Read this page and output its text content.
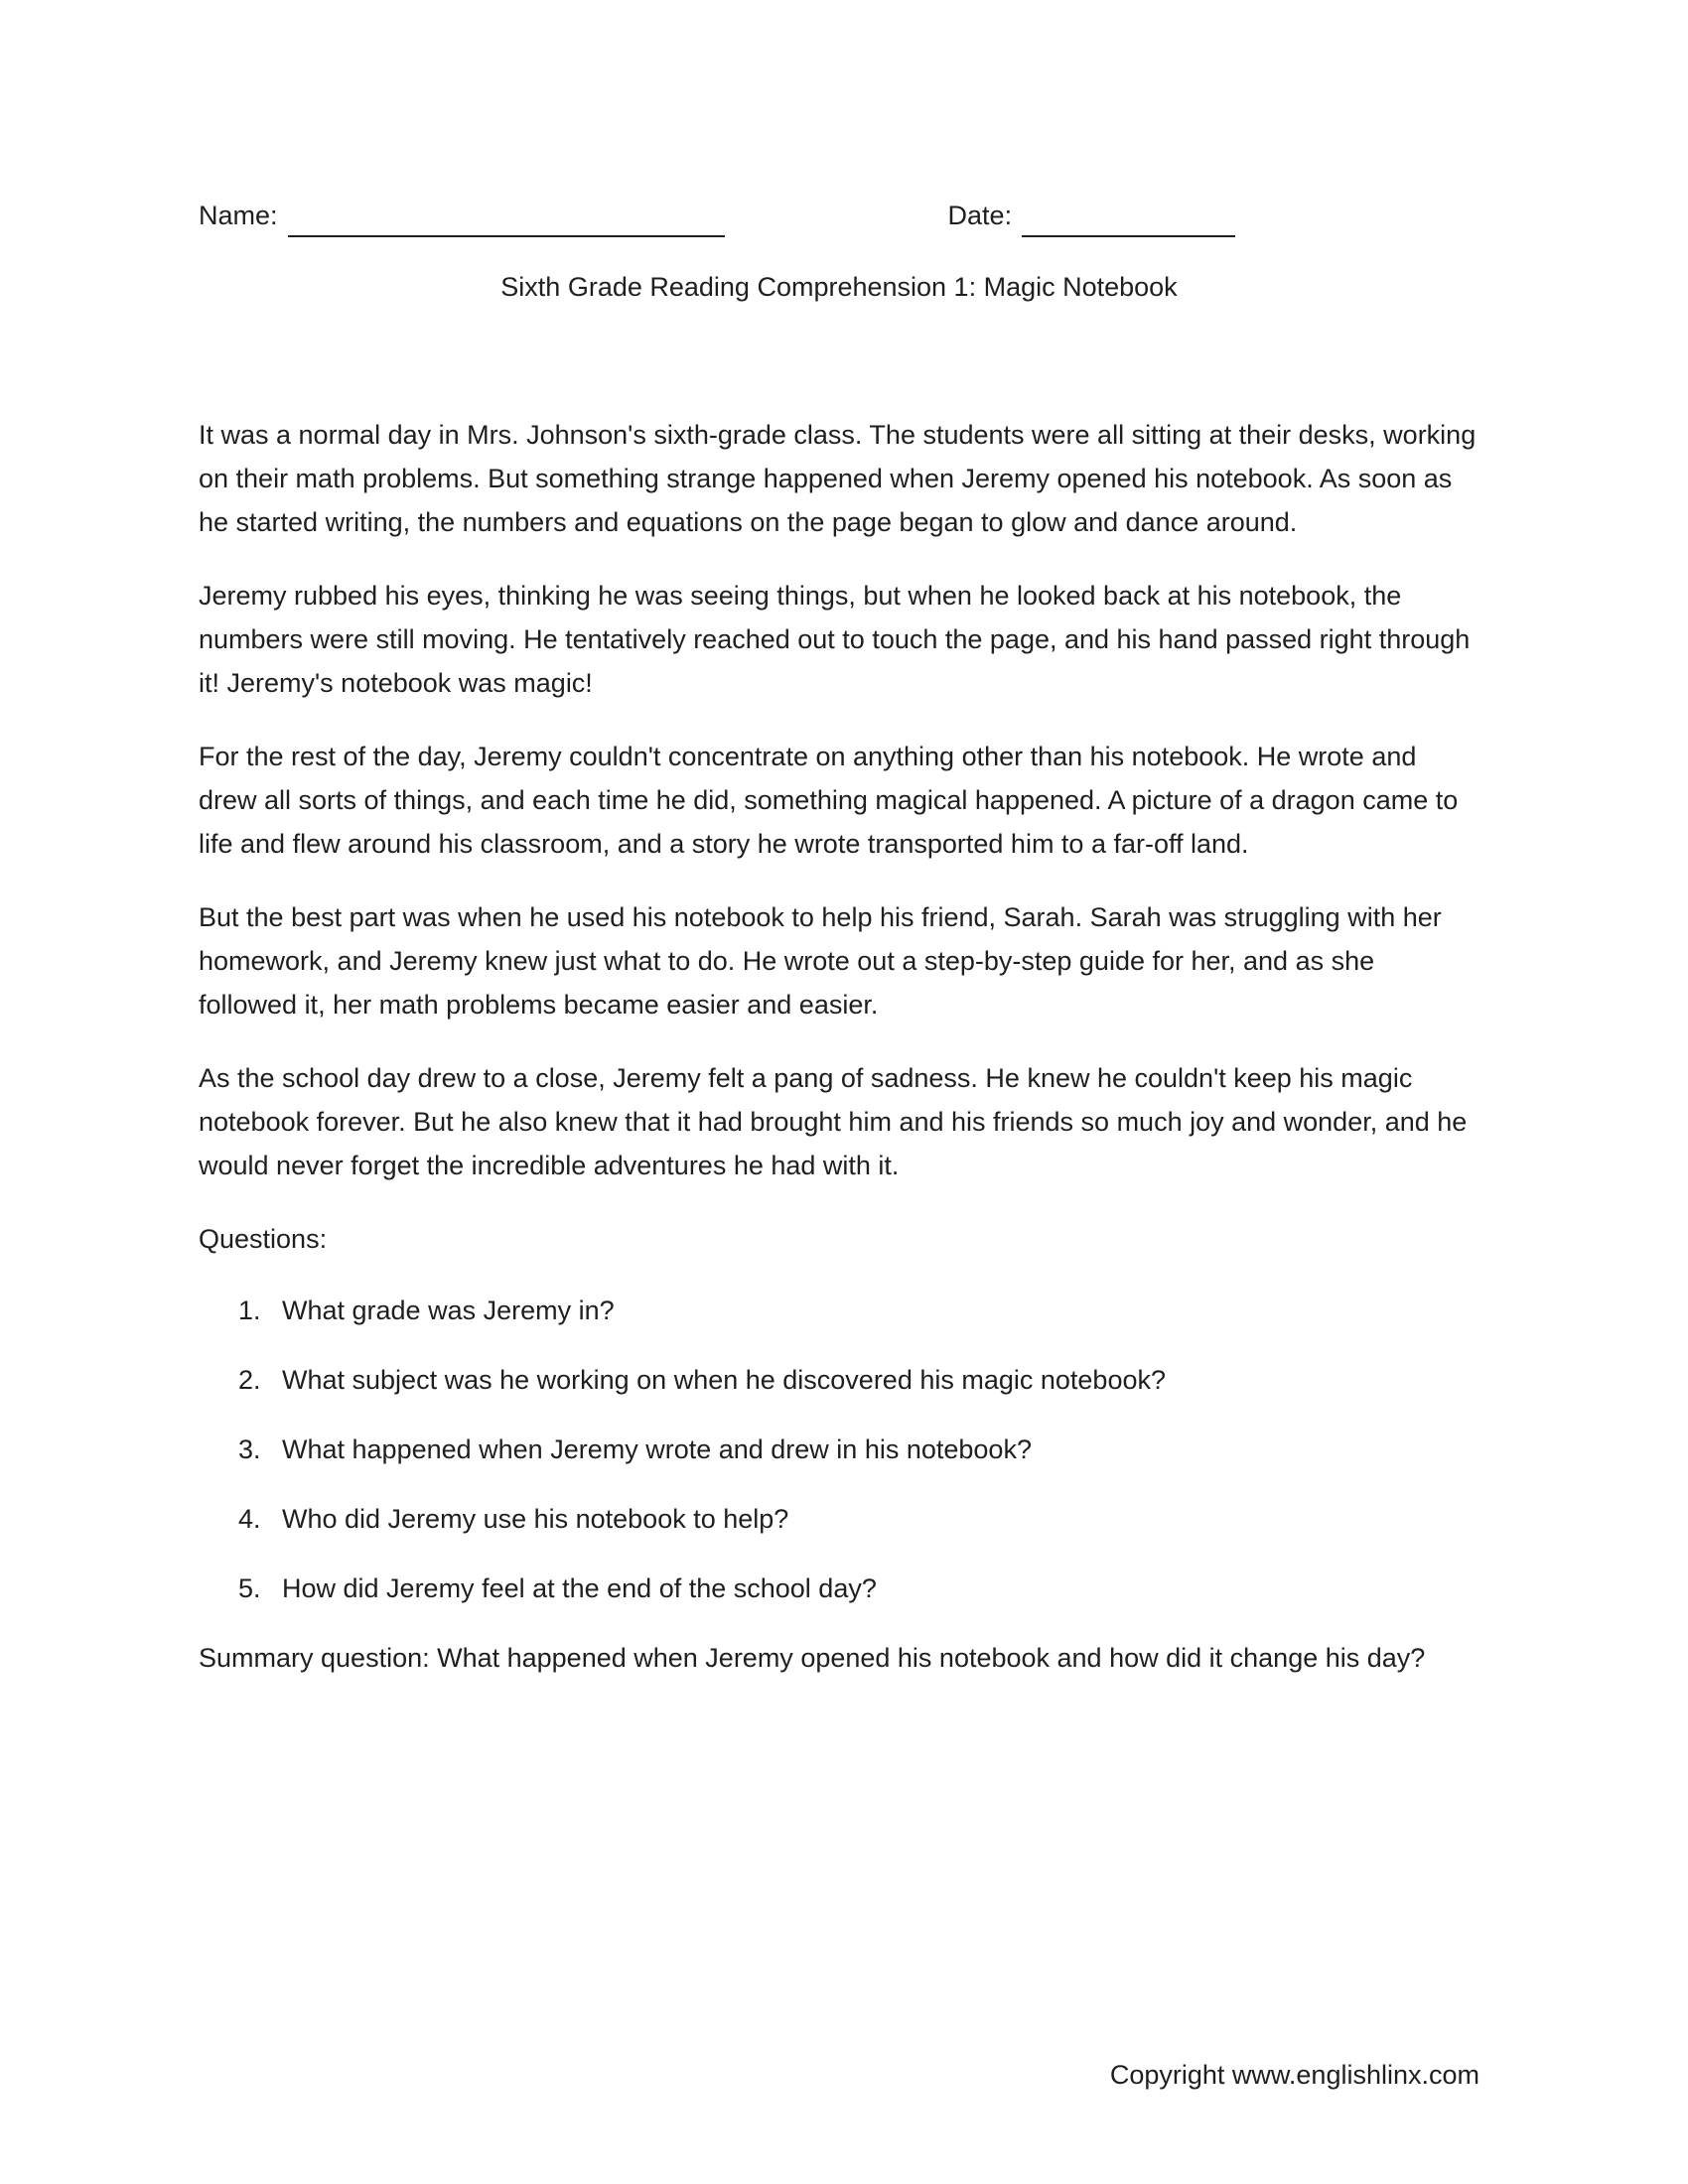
Name:	Date:
Sixth Grade Reading Comprehension 1: Magic Notebook

It was a normal day in Mrs. Johnson's sixth-grade class. The students were all sitting at their desks, working on their math problems. But something strange happened when Jeremy opened his notebook. As soon as he started writing, the numbers and equations on the page began to glow and dance around.

Jeremy rubbed his eyes, thinking he was seeing things, but when he looked back at his notebook, the numbers were still moving. He tentatively reached out to touch the page, and his hand passed right through it! Jeremy's notebook was magic!

For the rest of the day, Jeremy couldn't concentrate on anything other than his notebook. He wrote and drew all sorts of things, and each time he did, something magical happened. A picture of a dragon came to life and flew around his classroom, and a story he wrote transported him to a far-off land.

But the best part was when he used his notebook to help his friend, Sarah. Sarah was struggling with her homework, and Jeremy knew just what to do. He wrote out a step-by-step guide for her, and as she followed it, her math problems became easier and easier.

As the school day drew to a close, Jeremy felt a pang of sadness. He knew he couldn't keep his magic notebook forever. But he also knew that it had brought him and his friends so much joy and wonder, and he would never forget the incredible adventures he had with it.

Questions:

1. What grade was Jeremy in?
2. What subject was he working on when he discovered his magic notebook?
3. What happened when Jeremy wrote and drew in his notebook?
4. Who did Jeremy use his notebook to help?
5. How did Jeremy feel at the end of the school day?

Summary question: What happened when Jeremy opened his notebook and how did it change his day?

Copyright www.englishlinx.com
